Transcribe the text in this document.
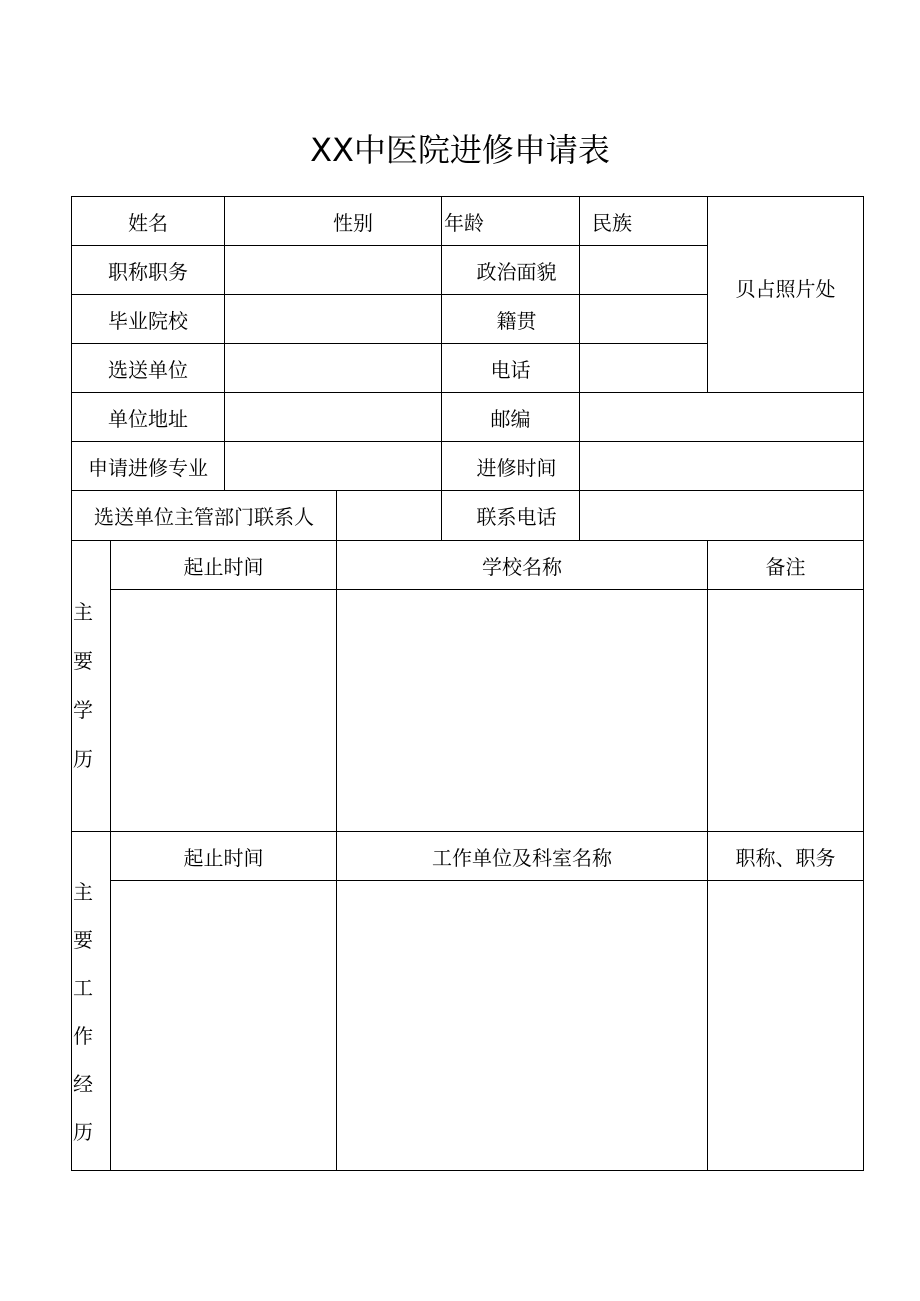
XX中医院进修申请表
姓名	性别	年龄	民族
贝占照片处
职称职务	政治面貌
毕业院校	籍贯
选送单位	电话
单位地址	邮编
申请进修专业	进修时间
选送单位主管部门联系人	联系电话
主
要
学
历
起止时间	学校名称	备注
主
要
工
作
经
历
起止时间	工作单位及科室名称	职称、职务
